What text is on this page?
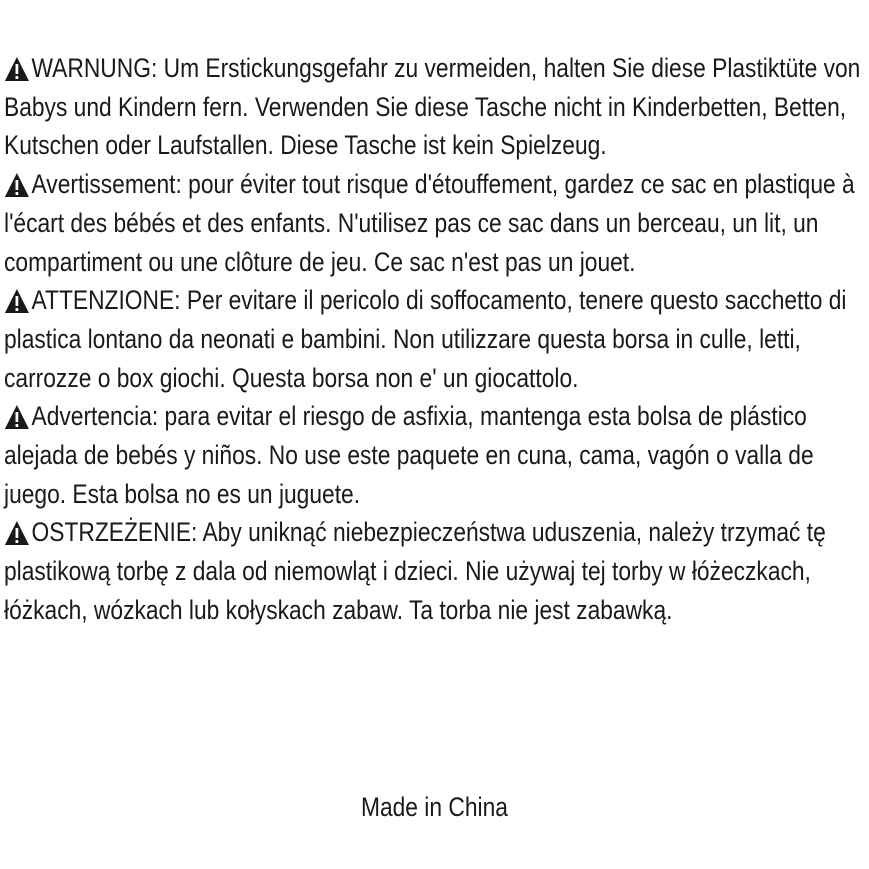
WARNUNG: Um Erstickungsgefahr zu vermeiden, halten Sie diese Plastiktüte von Babys und Kindern fern. Verwenden Sie diese Tasche nicht in Kinderbetten, Betten, Kutschen oder Laufstallen. Diese Tasche ist kein Spielzeug.

Avertissement: pour éviter tout risque d'étouffement, gardez ce sac en plastique à l'écart des bébés et des enfants. N'utilisez pas ce sac dans un berceau, un lit, un compartiment ou une clôture de jeu. Ce sac n'est pas un jouet.

ATTENZIONE: Per evitare il pericolo di soffocamento, tenere questo sacchetto di plastica lontano da neonati e bambini. Non utilizzare questa borsa in culle, letti, carrozze o box giochi. Questa borsa non e' un giocattolo.

Advertencia: para evitar el riesgo de asfixia, mantenga esta bolsa de plástico alejada de bebés y niños. No use este paquete en cuna, cama, vagón o valla de juego. Esta bolsa no es un juguete.

OSTRZEŻENIE: Aby uniknąć niebezpieczeństwa uduszenia, należy trzymać tę plastikową torbę z dala od niemowląt i dzieci. Nie używaj tej torby w łóżeczkach, łóżkach, wózkach lub kołyskach zabaw. Ta torba nie jest zabawką.

Made in China
